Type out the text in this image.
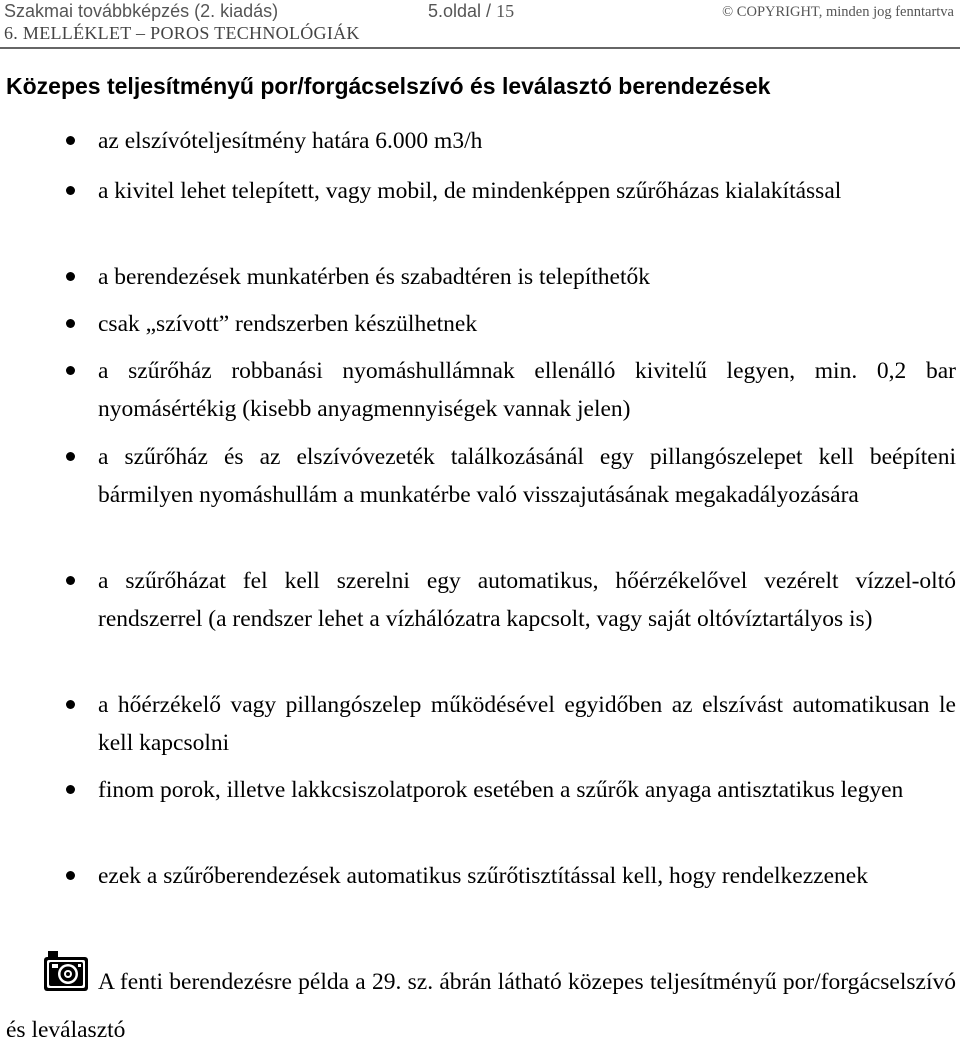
Szakmai továbbképzés (2. kiadás)	5.oldal / 15	© COPYRIGHT, minden jog fenntartva
6. MELLÉKLET – POROS TECHNOLÓGIÁK
Közepes teljesítményű por/forgácselszívó és leválasztó berendezések
az elszívóteljesítmény határa 6.000 m3/h
a kivitel lehet telepített, vagy mobil, de mindenképpen szűrőházas kialakítással
a berendezések munkatérben és szabadtéren is telepíthetők
csak „szívott” rendszerben készülhetnek
a szűrőház robbanási nyomáshullámnak ellenálló kivitelű legyen, min. 0,2 bar nyomásértékig (kisebb anyagmennyiségek vannak jelen)
a szűrőház és az elszívóvezeték találkozásánál egy pillangószelepet kell beépíteni bármilyen nyomáshullám a munkatérbe való visszajutásának megakadályozására
a szűrőházat fel kell szerelni egy automatikus, hőérzékelővel vezérelt vízzel-oltó rendszerrel (a rendszer lehet a vízhálózatra kapcsolt, vagy saját oltóvíztartályos is)
a hőérzékelő vagy pillangószelep működésével egyidőben az elszívást automatikusan le kell kapcsolni
finom porok, illetve lakkcsiszolatporok esetében a szűrők anyaga antisztatikus legyen
ezek a szűrőberendezések automatikus szűrőtisztítással kell, hogy rendelkezzenek
A fenti berendezésre példa a 29. sz. ábrán látható közepes teljesítményű por/forgácselszívó és leválasztó
